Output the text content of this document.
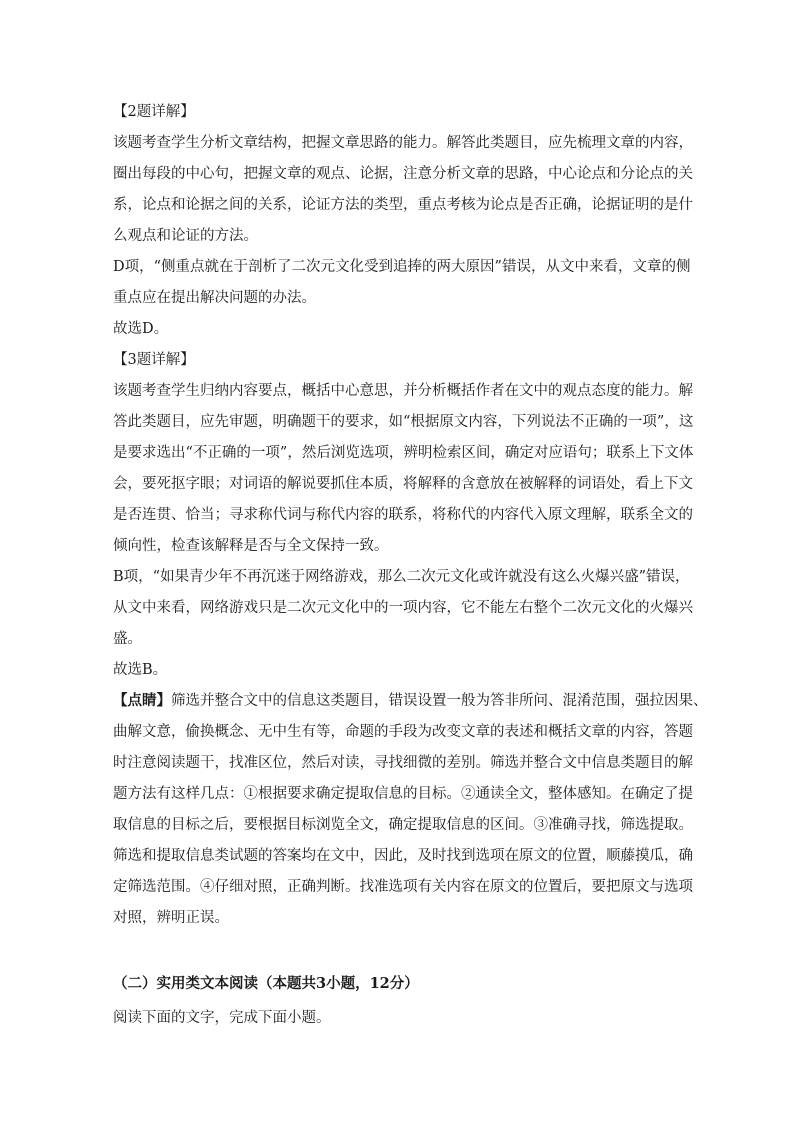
【2题详解】
该题考查学生分析文章结构，把握文章思路的能力。解答此类题目，应先梳理文章的内容，
圈出每段的中心句，把握文章的观点、论据，注意分析文章的思路，中心论点和分论点的关
系，论点和论据之间的关系，论证方法的类型，重点考核为论点是否正确，论据证明的是什
么观点和论证的方法。
D项，“侧重点就在于剖析了二次元文化受到追捧的两大原因”错误，从文中来看，文章的侧
重点应在提出解决问题的办法。
故选D。
【3题详解】
该题考查学生归纳内容要点，概括中心意思，并分析概括作者在文中的观点态度的能力。解
答此类题目，应先审题，明确题干的要求，如“根据原文内容，下列说法不正确的一项”，这
是要求选出“不正确的一项”，然后浏览选项，辨明检索区间，确定对应语句；联系上下文体
会，要死抠字眼；对词语的解说要抓住本质，将解释的含意放在被解释的词语处，看上下文
是否连贯、恰当；寻求称代词与称代内容的联系，将称代的内容代入原文理解，联系全文的
倾向性，检查该解释是否与全文保持一致。
B项，“如果青少年不再沉迷于网络游戏，那么二次元文化或许就没有这么火爆兴盛”错误，
从文中来看，网络游戏只是二次元文化中的一项内容，它不能左右整个二次元文化的火爆兴
盛。
故选B。
【点睛】筛选并整合文中的信息这类题目，错误设置一般为答非所问、混淆范围，强拉因果、
曲解文意，偷换概念、无中生有等，命题的手段为改变文章的表述和概括文章的内容，答题
时注意阅读题干，找准区位，然后对读，寻找细微的差别。筛选并整合文中信息类题目的解
题方法有这样几点：①根据要求确定提取信息的目标。②通读全文，整体感知。在确定了提
取信息的目标之后，要根据目标浏览全文，确定提取信息的区间。③准确寻找，筛选提取。
筛选和提取信息类试题的答案均在文中，因此，及时找到选项在原文的位置，顺藤摸瓜，确
定筛选范围。④仔细对照，正确判断。找准选项有关内容在原文的位置后，要把原文与选项
对照，辨明正误。
（二）实用类文本阅读（本题共3小题，12分）
阅读下面的文字，完成下面小题。
